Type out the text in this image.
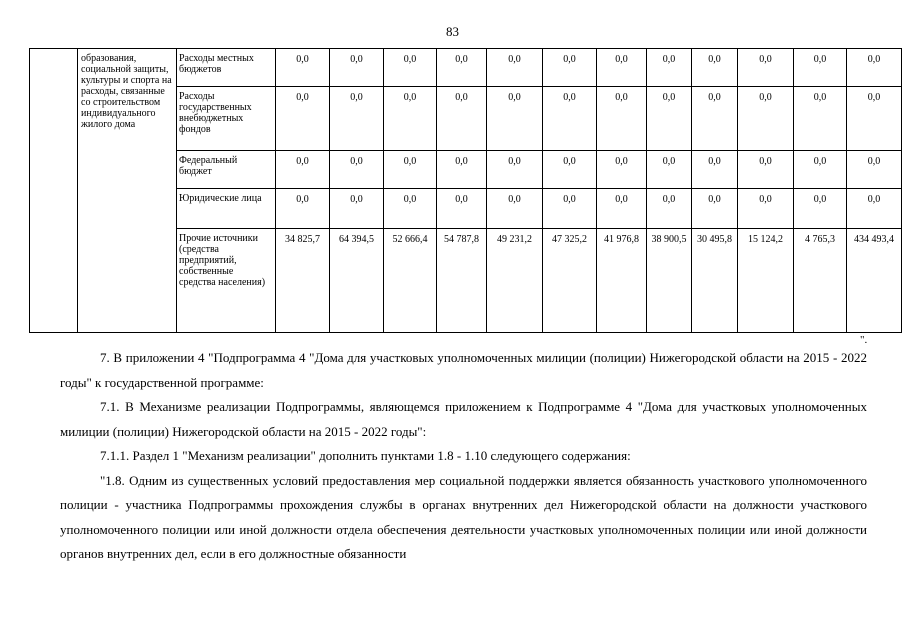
83
	образования, социальной защиты, культуры и спорта на расходы, связанные со строительством индивидуального жилого дома	Расходы местных бюджетов	0,0	0,0	0,0	0,0	0,0	0,0	0,0	0,0	0,0	0,0	0,0	0,0
		Расходы государственных внебюджетных фондов	0,0	0,0	0,0	0,0	0,0	0,0	0,0	0,0	0,0	0,0	0,0	0,0
		Федеральный бюджет	0,0	0,0	0,0	0,0	0,0	0,0	0,0	0,0	0,0	0,0	0,0	0,0
		Юридические лица	0,0	0,0	0,0	0,0	0,0	0,0	0,0	0,0	0,0	0,0	0,0	0,0
		Прочие источники (средства предприятий, собственные средства населения)	34 825,7	64 394,5	52 666,4	54 787,8	49 231,2	47 325,2	41 976,8	38 900,5	30 495,8	15 124,2	4 765,3	434 493,4
".

7. В приложении 4 "Подпрограмма 4 "Дома для участковых уполномоченных милиции (полиции) Нижегородской области на 2015 - 2022 годы" к государственной программе:

7.1. В Механизме реализации Подпрограммы, являющемся приложением к Подпрограмме 4 "Дома для участковых уполномоченных милиции (полиции) Нижегородской области на 2015 - 2022 годы":

7.1.1. Раздел 1 "Механизм реализации" дополнить пунктами 1.8 - 1.10 следующего содержания:

"1.8. Одним из существенных условий предоставления мер социальной поддержки является обязанность участкового уполномоченного полиции - участника Подпрограммы прохождения службы в органах внутренних дел Нижегородской области на должности участкового уполномоченного полиции или иной должности отдела обеспечения деятельности участковых уполномоченных полиции или иной должности органов внутренних дел, если в его должностные обязанности
